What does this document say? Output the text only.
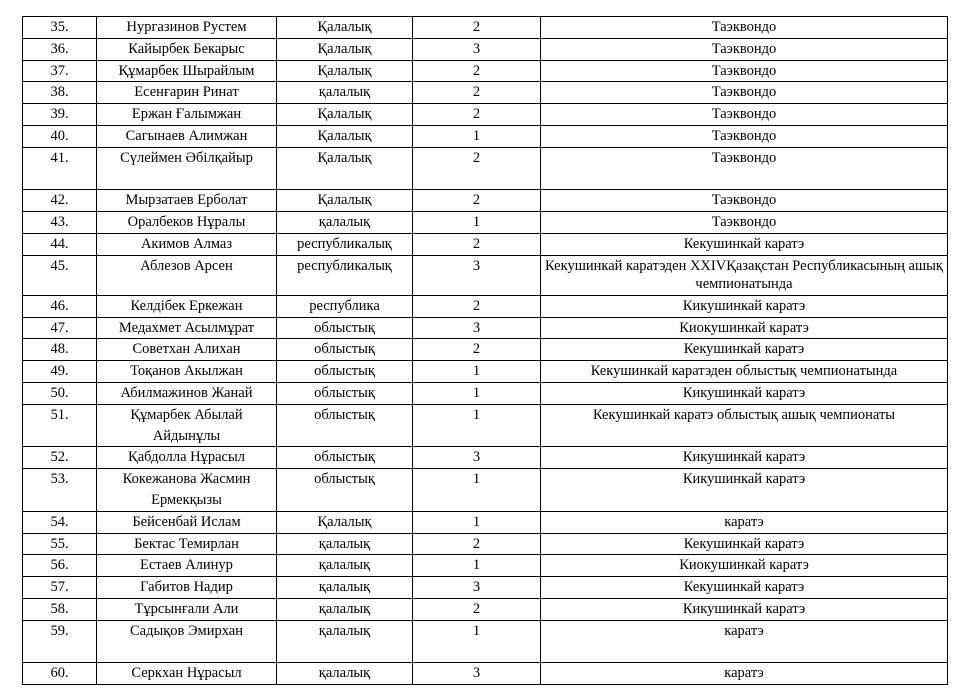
35.	Нургазинов Рустем	Қалалық	2	Таэквондо
36.	Кайырбек Бекарыс	Қалалық	3	Таэквондо
37.	Құмарбек Шырайлым	Қалалық	2	Таэквондо
38.	Есенғарин Ринат	қалалық	2	Таэквондо
39.	Ержан Ғалымжан	Қалалық	2	Таэквондо
40.	Сагынаев Алимжан	Қалалық	1	Таэквондо
41.	Сүлеймен Әбілқайыр	Қалалық	2	Таэквондо
42.	Мырзатаев Ерболат	Қалалық	2	Таэквондо
43.	Оралбеков Нұралы	қалалық	1	Таэквондо
44.	Акимов Алмаз	республикалық	2	Кекушинкай каратэ
45.	Аблезов Арсен	республикалық	3	Кекушинкай каратэден XXIVҚазақстан Республикасының ашық чемпионатында
46.	Келдібек Еркежан	республика	2	Кикушинкай каратэ
47.	Медахмет Асылмұрат	облыстық	3	Киокушинкай каратэ
48.	Советхан Алихан	облыстық	2	Кекушинкай каратэ
49.	Тоқанов Акылжан	облыстық	1	Кекушинкай каратэден облыстық чемпионатында
50.	Абилмажинов Жанай	облыстық	1	Кикушинкай каратэ
51.	Құмарбек Абылай Айдынұлы	облыстық	1	Кекушинкай каратэ облыстық ашық чемпионаты
52.	Қабдолла Нұрасыл	облыстық	3	Кикушинкай каратэ
53.	Кокежанова Жасмин Ермекқызы	облыстық	1	Кикушинкай каратэ
54.	Бейсенбай Ислам	Қалалық	1	каратэ
55.	Бектас Темирлан	қалалық	2	Кекушинкай каратэ
56.	Естаев Алинур	қалалық	1	Киокушинкай каратэ
57.	Габитов Надир	қалалық	3	Кекушинкай каратэ
58.	Тұрсынғали Али	қалалық	2	Кикушинкай каратэ
59.	Садықов Эмирхан	қалалық	1	каратэ
60.	Серкхан Нұрасыл	қалалық	3	каратэ
